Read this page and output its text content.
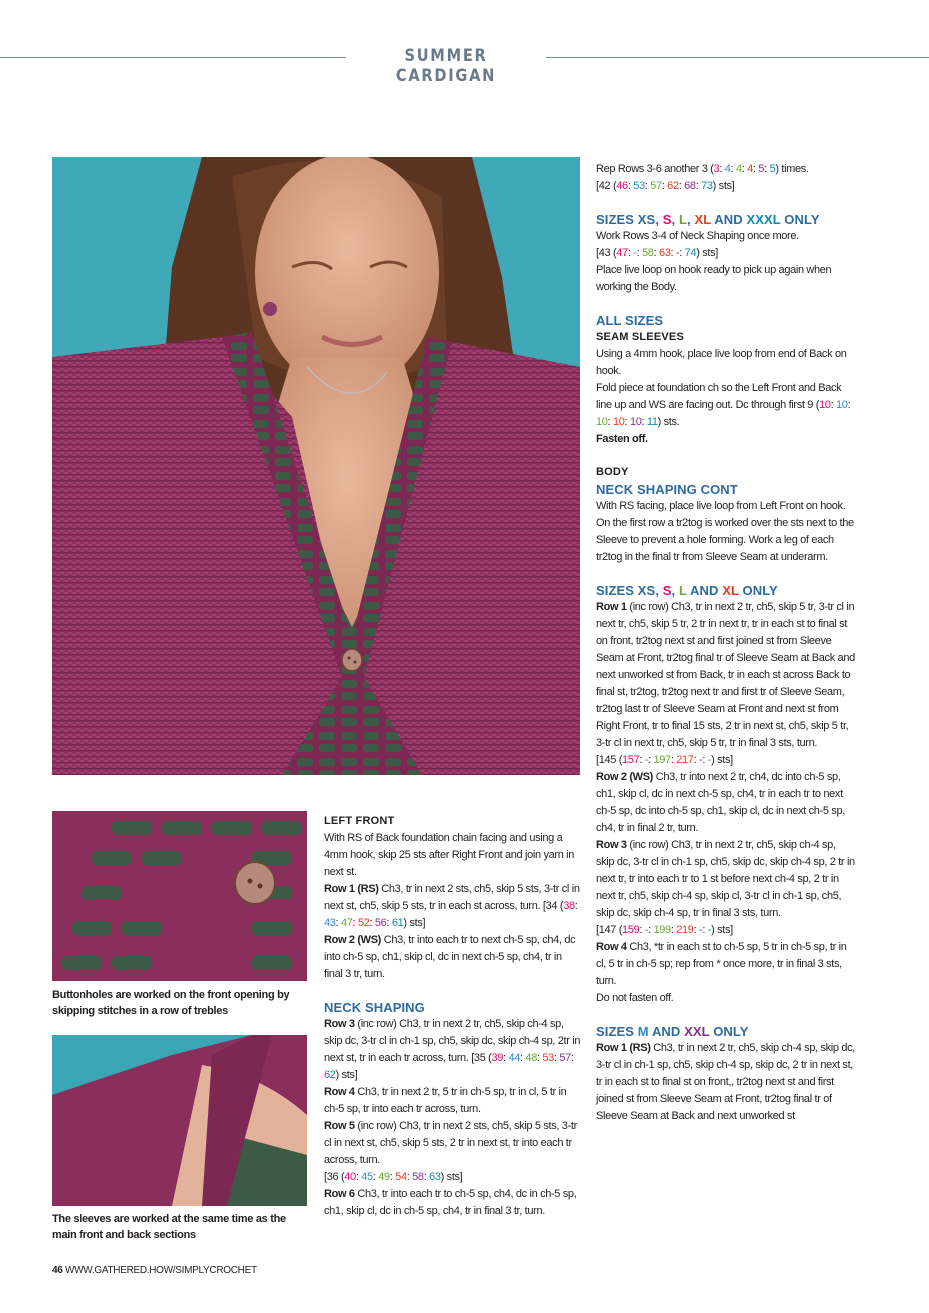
SUMMER CARDIGAN
Buttonholes are worked on the front opening by skipping stitches in a row of trebles
The sleeves are worked at the same time as the main front and back sections

LEFT FRONT

With RS of Back foundation chain facing and using a 4mm hook, skip 25 sts after Right Front and join yarn in next st.

Row 1 (RS) Ch3, tr in next 2 sts, ch5, skip 5 sts, 3-tr cl in next st, ch5, skip 5 sts, tr in each st across, turn. [34 (38: 43: 47: 52: 56: 61) sts]

Row 2 (WS) Ch3, tr into each tr to next ch-5 sp, ch4, dc into ch-5 sp, ch1, skip cl, dc in next ch-5 sp, ch4, tr in final 3 tr, turn.

NECK SHAPING

Row 3 (inc row) Ch3, tr in next 2 tr, ch5, skip ch-4 sp, skip dc, 3-tr cl in ch-1 sp, ch5, skip dc, skip ch-4 sp, 2tr in next st, tr in each tr across, turn. [35 (39: 44: 48: 53: 57: 62) sts]

Row 4 Ch3, tr in next 2 tr, 5 tr in ch-5 sp, tr in cl, 5 tr in ch-5 sp, tr into each tr across, turn.

Row 5 (inc row) Ch3, tr in next 2 sts, ch5, skip 5 sts, 3-tr cl in next st, ch5, skip 5 sts, 2 tr in next st, tr into each tr across, turn.

[36 (40: 45: 49: 54: 58: 63) sts]

Row 6 Ch3, tr into each tr to ch-5 sp, ch4, dc in ch-5 sp, ch1, skip cl, dc in ch-5 sp, ch4, tr in final 3 tr, turn.

Rep Rows 3-6 another 3 (3: 4: 4: 4: 5: 5) times.

[42 (46: 53: 57: 62: 68: 73) sts]

SIZES XS, S, L, XL AND XXXL ONLY

Work Rows 3-4 of Neck Shaping once more.

[43 (47: -: 58: 63: -: 74) sts]

Place live loop on hook ready to pick up again when working the Body.

ALL SIZES

SEAM SLEEVES

Using a 4mm hook, place live loop from end of Back on hook.

Fold piece at foundation ch so the Left Front and Back line up and WS are facing out. Dc through first 9 (10: 10: 10: 10: 10: 11) sts.

Fasten off.

BODY

NECK SHAPING CONT

With RS facing, place live loop from Left Front on hook.

On the first row a tr2tog is worked over the sts next to the Sleeve to prevent a hole forming. Work a leg of each tr2tog in the final tr from Sleeve Seam at underarm.

SIZES XS, S, L AND XL ONLY

Row 1 (inc row) Ch3, tr in next 2 tr, ch5, skip 5 tr, 3-tr cl in next tr, ch5, skip 5 tr, 2 tr in next tr, tr in each st to final st on front, tr2tog next st and first joined st from Sleeve Seam at Front, tr2tog final tr of Sleeve Seam at Back and next unworked st from Back, tr in each st across Back to final st, tr2tog, tr2tog next tr and first tr of Sleeve Seam, tr2tog last tr of Sleeve Seam at Front and next st from Right Front, tr to final 15 sts, 2 tr in next st, ch5, skip 5 tr, 3-tr cl in next tr, ch5, skip 5 tr, tr in final 3 sts, turn.

[145 (157: -: 197: 217: -: -) sts]

Row 2 (WS) Ch3, tr into next 2 tr, ch4, dc into ch-5 sp, ch1, skip cl, dc in next ch-5 sp, ch4, tr in each tr to next ch-5 sp, dc into ch-5 sp, ch1, skip cl, dc in next ch-5 sp, ch4, tr in final 2 tr, turn.

Row 3 (inc row) Ch3, tr in next 2 tr, ch5, skip ch-4 sp, skip dc, 3-tr cl in ch-1 sp, ch5, skip dc, skip ch-4 sp, 2 tr in next tr, tr into each tr to 1 st before next ch-4 sp, 2 tr in next tr, ch5, skip ch-4 sp, skip cl, 3-tr cl in ch-1 sp, ch5, skip dc, skip ch-4 sp, tr in final 3 sts, turn.

[147 (159: -: 199: 219: -: -) sts]

Row 4 Ch3, *tr in each st to ch-5 sp, 5 tr in ch-5 sp, tr in cl, 5 tr in ch-5 sp; rep from * once more, tr in final 3 sts, turn.

Do not fasten off.

SIZES M AND XXL ONLY

Row 1 (RS) Ch3, tr in next 2 tr, ch5, skip ch-4 sp, skip dc, 3-tr cl in ch-1 sp, ch5, skip ch-4 sp, skip dc, 2 tr in next st, tr in each st to final st on front,, tr2tog next st and first joined st from Sleeve Seam at Front, tr2tog final tr of Sleeve Seam at Back and next unworked st

46 WWW.GATHERED.HOW/SIMPLYCROCHET
